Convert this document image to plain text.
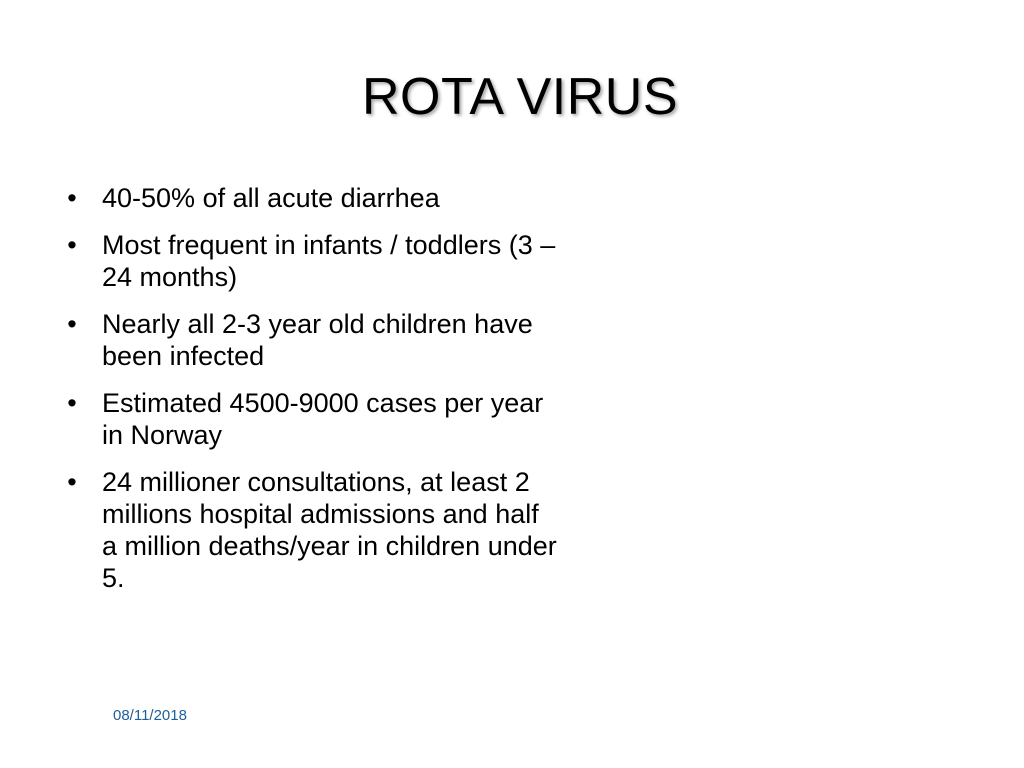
ROTA VIRUS
• 40-50% of all acute diarrhea
• Most frequent in infants / toddlers (3 – 24 months)
• Nearly all 2-3 year old children have been infected
• Estimated 4500-9000 cases per year in Norway
• 24 millioner consultations, at least 2 millions hospital admissions and half a million deaths/year in children under 5.
08/11/2018
